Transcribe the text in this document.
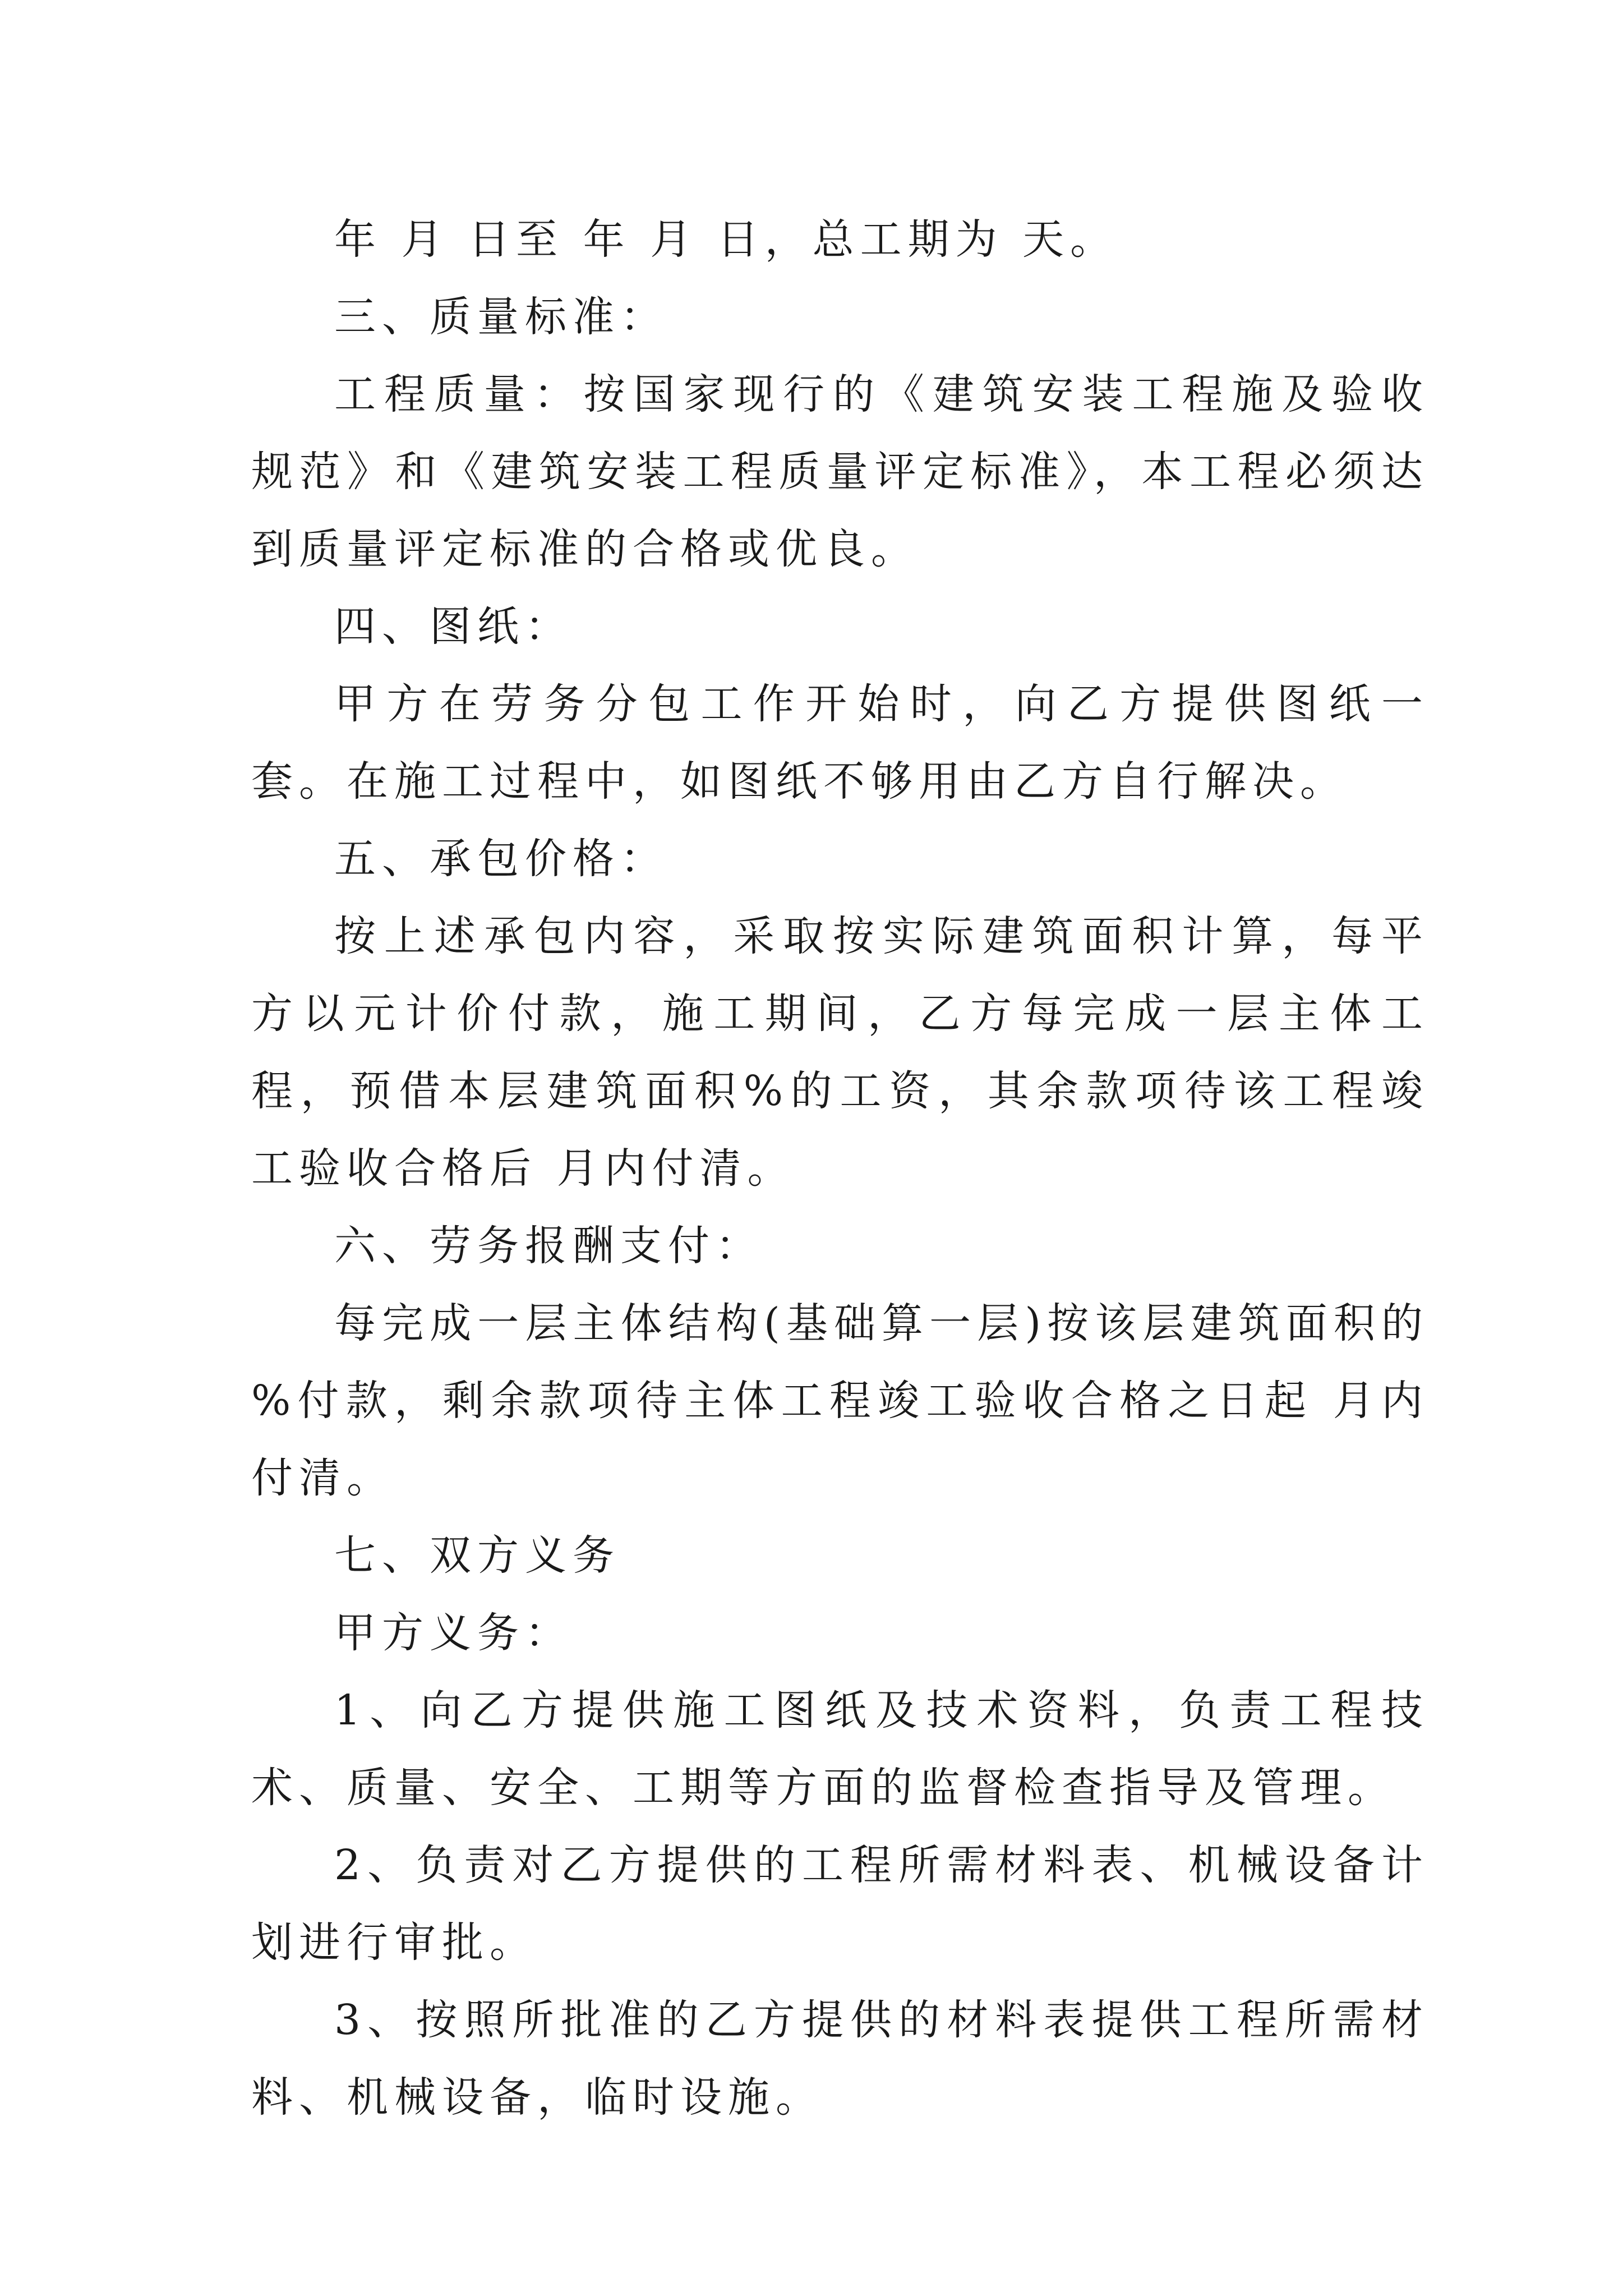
年 月 日至 年 月 日，总工期为 天。

三、质量标准：

工程质量：按国家现行的《建筑安装工程施及验收规范》和《建筑安装工程质量评定标准》，本工程必须达到质量评定标准的合格或优良。

四、图纸：

甲方在劳务分包工作开始时，向乙方提供图纸一套。在施工过程中，如图纸不够用由乙方自行解决。

五、承包价格：

按上述承包内容，采取按实际建筑面积计算，每平方以元计价付款，施工期间，乙方每完成一层主体工程，预借本层建筑面积%的工资，其余款项待该工程竣工验收合格后 月内付清。

六、劳务报酬支付：

每完成一层主体结构(基础算一层)按该层建筑面积的 %付款，剩余款项待主体工程竣工验收合格之日起 月内付清。

七、双方义务

甲方义务：

1、向乙方提供施工图纸及技术资料，负责工程技术、质量、安全、工期等方面的监督检查指导及管理。

2、负责对乙方提供的工程所需材料表、机械设备计划进行审批。

3、按照所批准的乙方提供的材料表提供工程所需材料、机械设备，临时设施。
